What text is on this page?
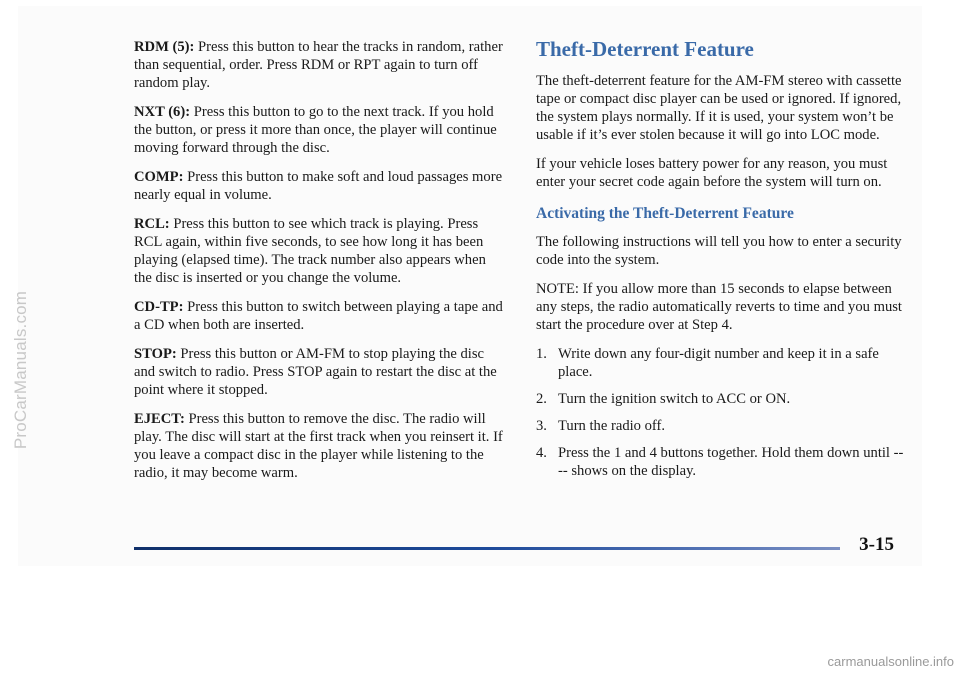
ProCarManuals.com

RDM (5): Press this button to hear the tracks in random, rather than sequential, order. Press RDM or RPT again to turn off random play.

NXT (6): Press this button to go to the next track. If you hold the button, or press it more than once, the player will continue moving forward through the disc.

COMP: Press this button to make soft and loud passages more nearly equal in volume.

RCL: Press this button to see which track is playing. Press RCL again, within five seconds, to see how long it has been playing (elapsed time). The track number also appears when the disc is inserted or you change the volume.

CD-TP: Press this button to switch between playing a tape and a CD when both are inserted.

STOP: Press this button or AM-FM to stop playing the disc and switch to radio. Press STOP again to restart the disc at the point where it stopped.

EJECT: Press this button to remove the disc. The radio will play. The disc will start at the first track when you reinsert it. If you leave a compact disc in the player while listening to the radio, it may become warm.

Theft-Deterrent Feature

The theft-deterrent feature for the AM-FM stereo with cassette tape or compact disc player can be used or ignored. If ignored, the system plays normally. If it is used, your system won’t be usable if it’s ever stolen because it will go into LOC mode.

If your vehicle loses battery power for any reason, you must enter your secret code again before the system will turn on.

Activating the Theft-Deterrent Feature

The following instructions will tell you how to enter a security code into the system.

NOTE: If you allow more than 15 seconds to elapse between any steps, the radio automatically reverts to time and you must start the procedure over at Step 4.

1. Write down any four-digit number and keep it in a safe place.
2. Turn the ignition switch to ACC or ON.
3. Turn the radio off.
4. Press the 1 and 4 buttons together. Hold them down until ---- shows on the display.
3-15
carmanualsonline.info
